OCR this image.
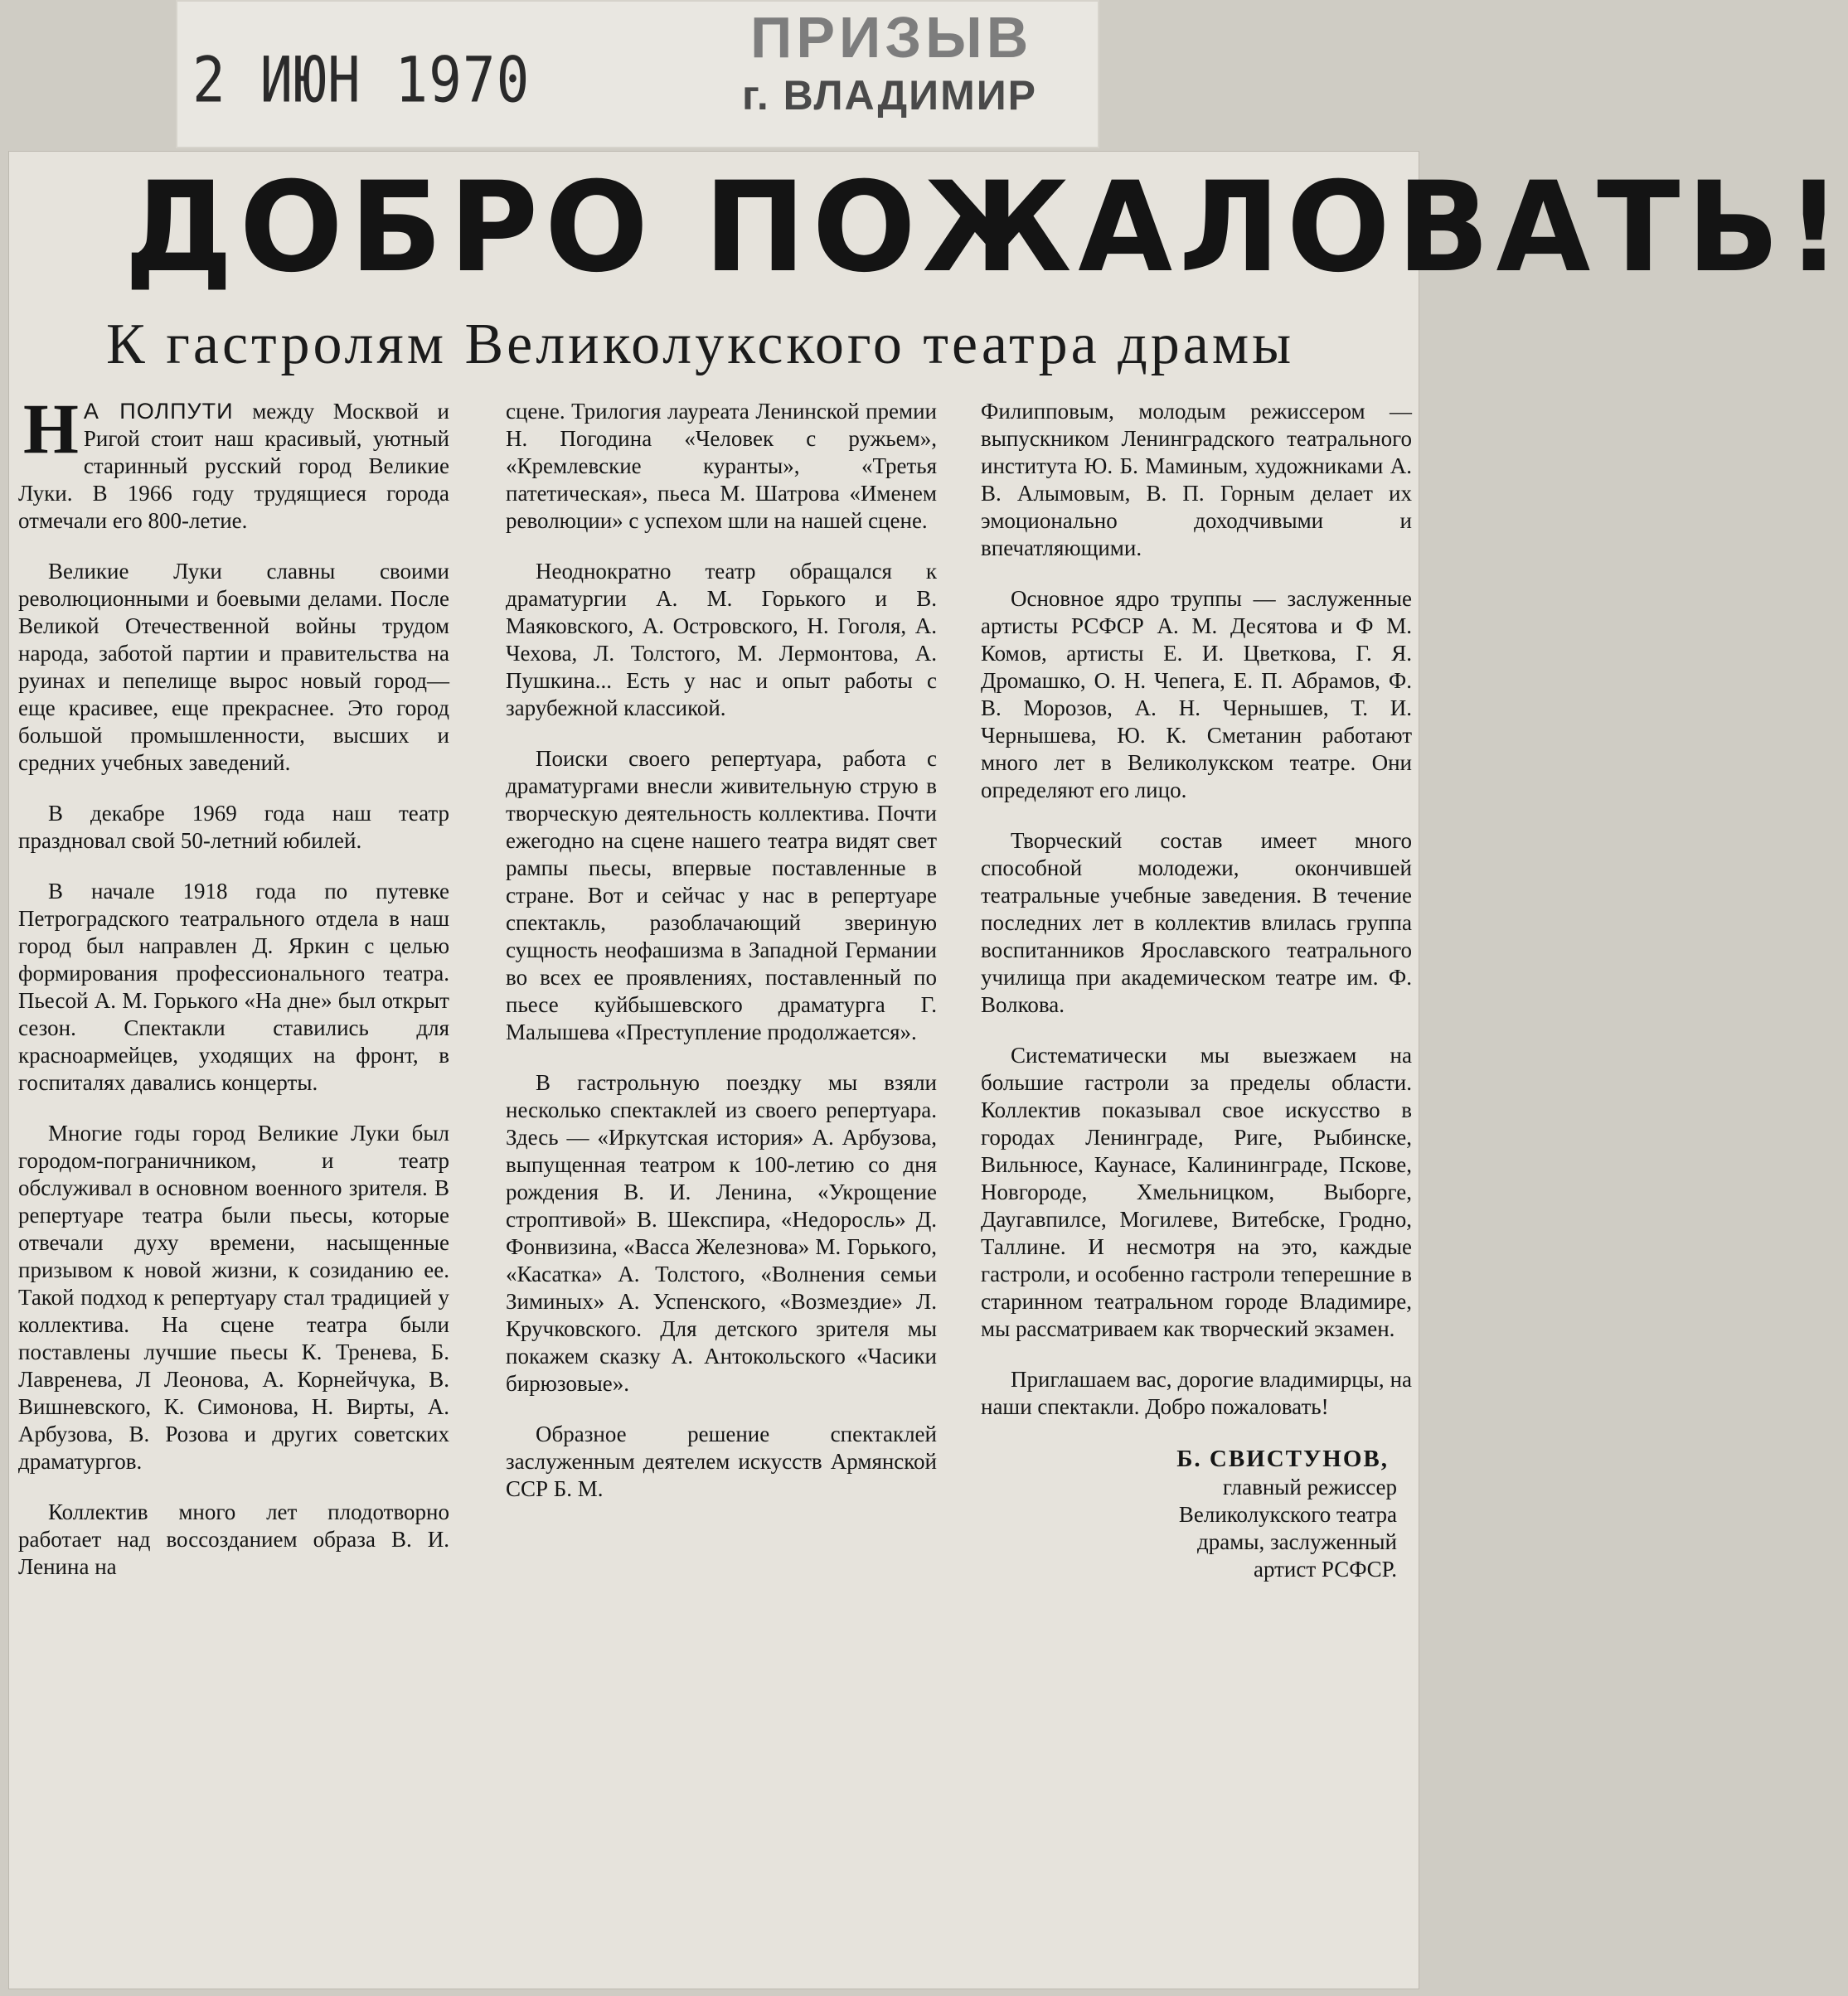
2 ИЮН 1970
ПРИЗЫВ
г. ВЛАДИМИР
ДОБРО ПОЖАЛОВАТЬ!
К гастролям Великолукского театра драмы

Н А ПОЛПУТИ между Москвой и Ригой стоит наш красивый, уютный старинный русский город Великие Луки. В 1966 году трудящиеся города отмечали его 800-летие.

Великие Луки славны своими революционными и боевыми делами. После Великой Отечественной войны трудом народа, заботой партии и правительства на руинах и пепелище вырос новый город—еще красивее, еще прекраснее. Это город большой промышленности, высших и средних учебных заведений.

В декабре 1969 года наш театр праздновал свой 50-летний юбилей.

В начале 1918 года по путевке Петроградского театрального отдела в наш город был направлен Д. Яркин с целью формирования профессионального театра. Пьесой А. М. Горького «На дне» был открыт сезон. Спектакли ставились для красноармейцев, уходящих на фронт, в госпиталях давались концерты.

Многие годы город Великие Луки был городом-пограничником, и театр обслуживал в основном военного зрителя. В репертуаре театра были пьесы, которые отвечали духу времени, насыщенные призывом к новой жизни, к созиданию ее. Такой подход к репертуару стал традицией у коллектива. На сцене театра были поставлены лучшие пьесы К. Тренева, Б. Лавренева, Л Леонова, А. Корнейчука, В. Вишневского, К. Симонова, Н. Вирты, А. Арбузова, В. Розова и других советских драматургов.

Коллектив много лет плодотворно работает над воссозданием образа В. И. Ленина на

сцене. Трилогия лауреата Ленинской премии Н. Погодина «Человек с ружьем», «Кремлевские куранты», «Третья патетическая», пьеса М. Шатрова «Именем революции» с успехом шли на нашей сцене.

Неоднократно театр обращался к драматургии А. М. Горького и В. Маяковского, А. Островского, Н. Гоголя, А. Чехова, Л. Толстого, М. Лермонтова, А. Пушкина... Есть у нас и опыт работы с зарубежной классикой.

Поиски своего репертуара, работа с драматургами внесли живительную струю в творческую деятельность коллектива. Почти ежегодно на сцене нашего театра видят свет рампы пьесы, впервые поставленные в стране. Вот и сейчас у нас в репертуаре спектакль, разоблачающий звериную сущность неофашизма в Западной Германии во всех ее проявлениях, поставленный по пьесе куйбышевского драматурга Г. Малышева «Преступление продолжается».

В гастрольную поездку мы взяли несколько спектаклей из своего репертуара. Здесь — «Иркутская история» А. Арбузова, выпущенная театром к 100-летию со дня рождения В. И. Ленина, «Укрощение строптивой» В. Шекспира, «Недоросль» Д. Фонвизина, «Васса Железнова» М. Горького, «Касатка» А. Толстого, «Волнения семьи Зиминых» А. Успенского, «Возмездие» Л. Кручковского. Для детского зрителя мы покажем сказку А. Антокольского «Часики бирюзовые».

Образное решение спектаклей заслуженным деятелем искусств Армянской ССР Б. М.

Филипповым, молодым режиссером — выпускником Ленинградского театрального института Ю. Б. Маминым, художниками А. В. Алымовым, В. П. Горным делает их эмоционально доходчивыми и впечатляющими.

Основное ядро труппы — заслуженные артисты РСФСР А. М. Десятова и Ф М. Комов, артисты Е. И. Цветкова, Г. Я. Дромашко, О. Н. Чепега, Е. П. Абрамов, Ф. В. Морозов, А. Н. Чернышев, Т. И. Чернышева, Ю. К. Сметанин работают много лет в Великолукском театре. Они определяют его лицо.

Творческий состав имеет много способной молодежи, окончившей театральные учебные заведения. В течение последних лет в коллектив влилась группа воспитанников Ярославского театрального училища при академическом театре им. Ф. Волкова.

Систематически мы выезжаем на большие гастроли за пределы области. Коллектив показывал свое искусство в городах Ленинграде, Риге, Рыбинске, Вильнюсе, Каунасе, Калининграде, Пскове, Новгороде, Хмельницком, Выборге, Даугавпилсе, Могилеве, Витебске, Гродно, Таллине. И несмотря на это, каждые гастроли, и особенно гастроли теперешние в старинном театральном городе Владимире, мы рассматриваем как творческий экзамен.

Приглашаем вас, дорогие владимирцы, на наши спектакли. Добро пожаловать!

Б. СВИСТУНОВ,
главный режиссер
Великолукского театра
драмы, заслуженный
артист РСФСР.
